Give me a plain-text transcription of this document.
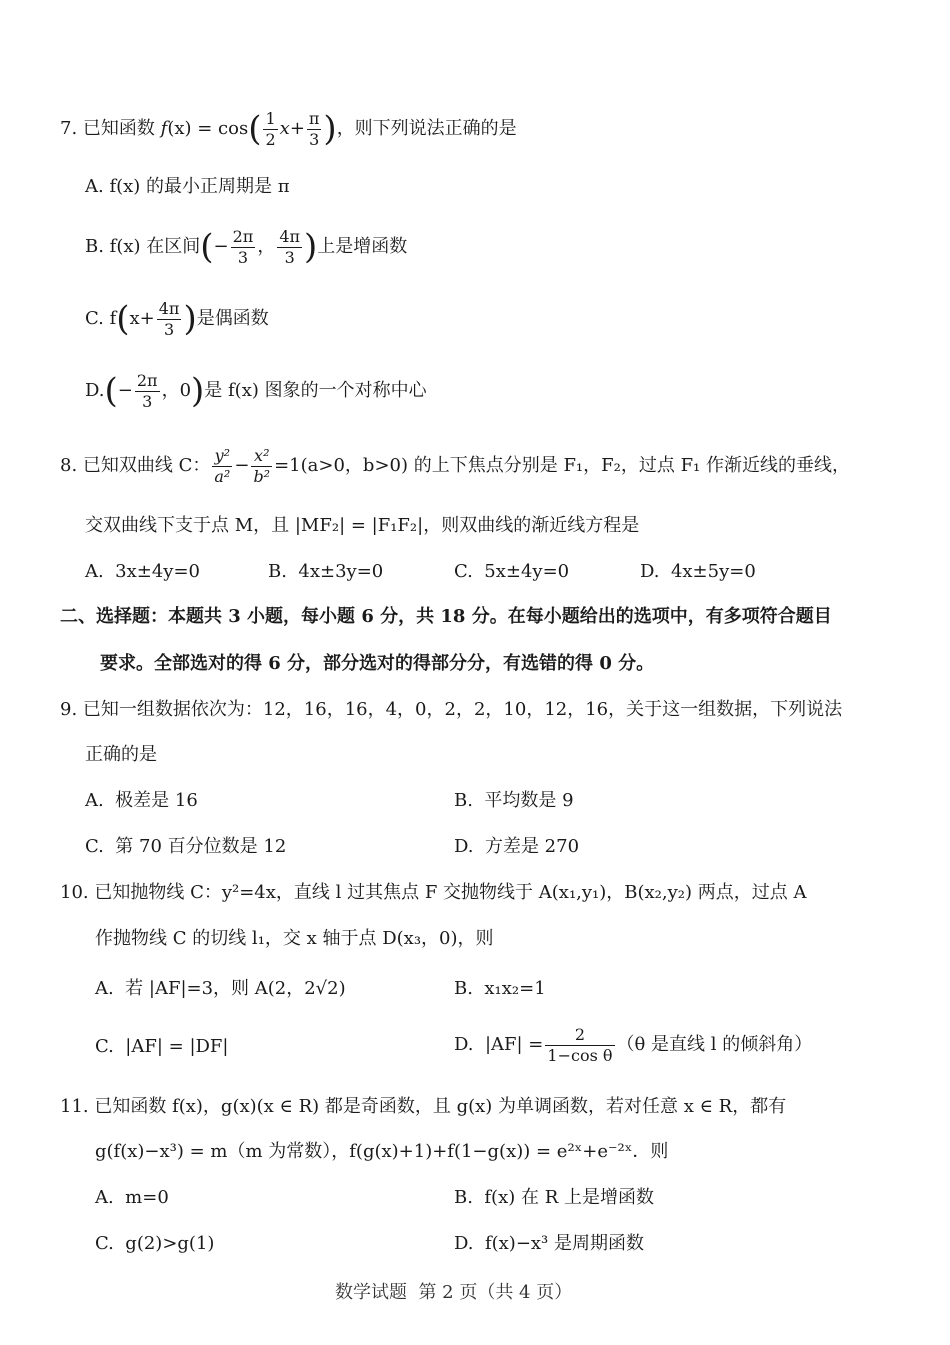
7. 已知函数 $f(x) = \cos( \frac{1}{2} x+ \frac{\pi}{3}$ )，则下列说法正确的是
A. f(x) 的最小正周期是 π
B. f(x) 在区间(− $\frac{2\pi}{3}$ ， $\frac{4\pi}{3}$ )上是增函数
C. $f(x+ \frac{4\pi}{3}$ )是偶函数
$D.(- \frac{2\pi}{3}$ ，0)是 f(x) 图象的一个对称中心
8. 已知双曲线 C： $\frac{\text{y²}}{\text{a²}} - \frac{\text{x²}}{\text{b²}} =1(a>0$，b>0) 的上下焦点分别是 F₁，F₂，过点 F₁ 作渐近线的垂线，
交双曲线下支于点 M，且 |MF₂| = |F₁F₂|，则双曲线的渐近线方程是
A.  3x±4y=0	B.  4x±3y=0	C.  5x±4y=0	D.  4x±5y=0
二、选择题：本题共 3 小题，每小题 6 分，共 18 分。在每小题给出的选项中，有多项符合题目
要求。全部选对的得 6 分，部分选对的得部分分，有选错的得 0 分。
9. 已知一组数据依次为：12，16，16，4，0，2，2，10，12，16，关于这一组数据，下列说法
正确的是
A.  极差是 16	B.  平均数是 9
C.  第 70 百分位数是 12	D.  方差是 270
10. 已知抛物线 C：y²=4x，直线 l 过其焦点 F 交抛物线于 A(x₁,y₁)，B(x₂,y₂) 两点，过点 A
作抛物线 C 的切线 l₁，交 x 轴于点 D(x₃，0)，则
A.  若 |AF|=3，则 A(2，2√2)	B.  x₁x₂=1
C.  |AF| = |DF|	D.  $|AF| = \frac{2}{\text{1−cos θ}} (\theta$ 是直线 l 的倾斜角）
11. 已知函数 f(x)，g(x)(x ∈ R) 都是奇函数，且 g(x) 为单调函数，若对任意 x ∈ R，都有
g(f(x)−x³) = m（m 为常数），f(g(x)+1)+f(1−g(x)) = e²ˣ+e⁻²ˣ．则
A.  m=0	B.  f(x) 在 R 上是增函数
C.  g(2)>g(1)	D.  f(x)−x³ 是周期函数
数学试题  第 2 页（共 4 页）
